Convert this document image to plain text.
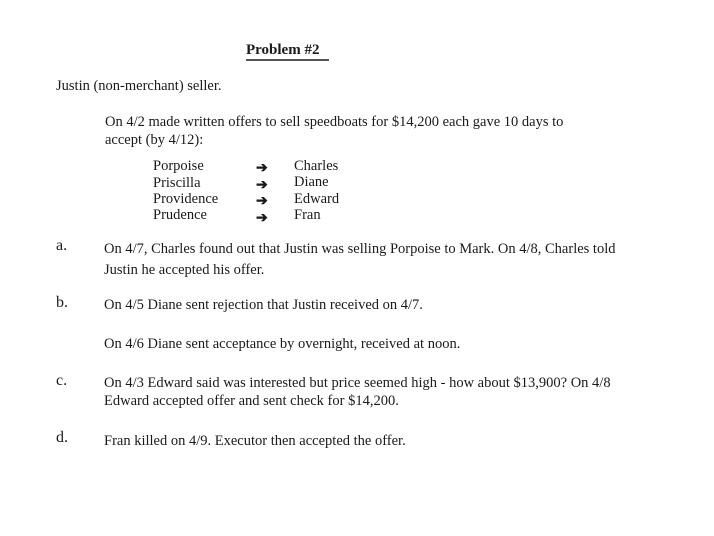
Problem #2
Justin (non-merchant) seller.
On 4/2 made written offers to sell speedboats for $14,200 each gave 10 days to
accept (by 4/12):
Porpoise	➔ Charles
Priscilla	➔ Diane
Providence	➔ Edward
Prudence	➔ Fran
a.	On 4/7, Charles found out that Justin was selling Porpoise to Mark. On 4/8, Charles told
Justin he accepted his offer.
b. On 4/5 Diane sent rejection that Justin received on 4/7.
On 4/6 Diane sent acceptance by overnight, received at noon.
c.	On 4/3 Edward said was interested but price seemed high - how about $13,900? On 4/8
Edward accepted offer and sent check for $14,200.
d. Fran killed on 4/9. Executor then accepted the offer.
